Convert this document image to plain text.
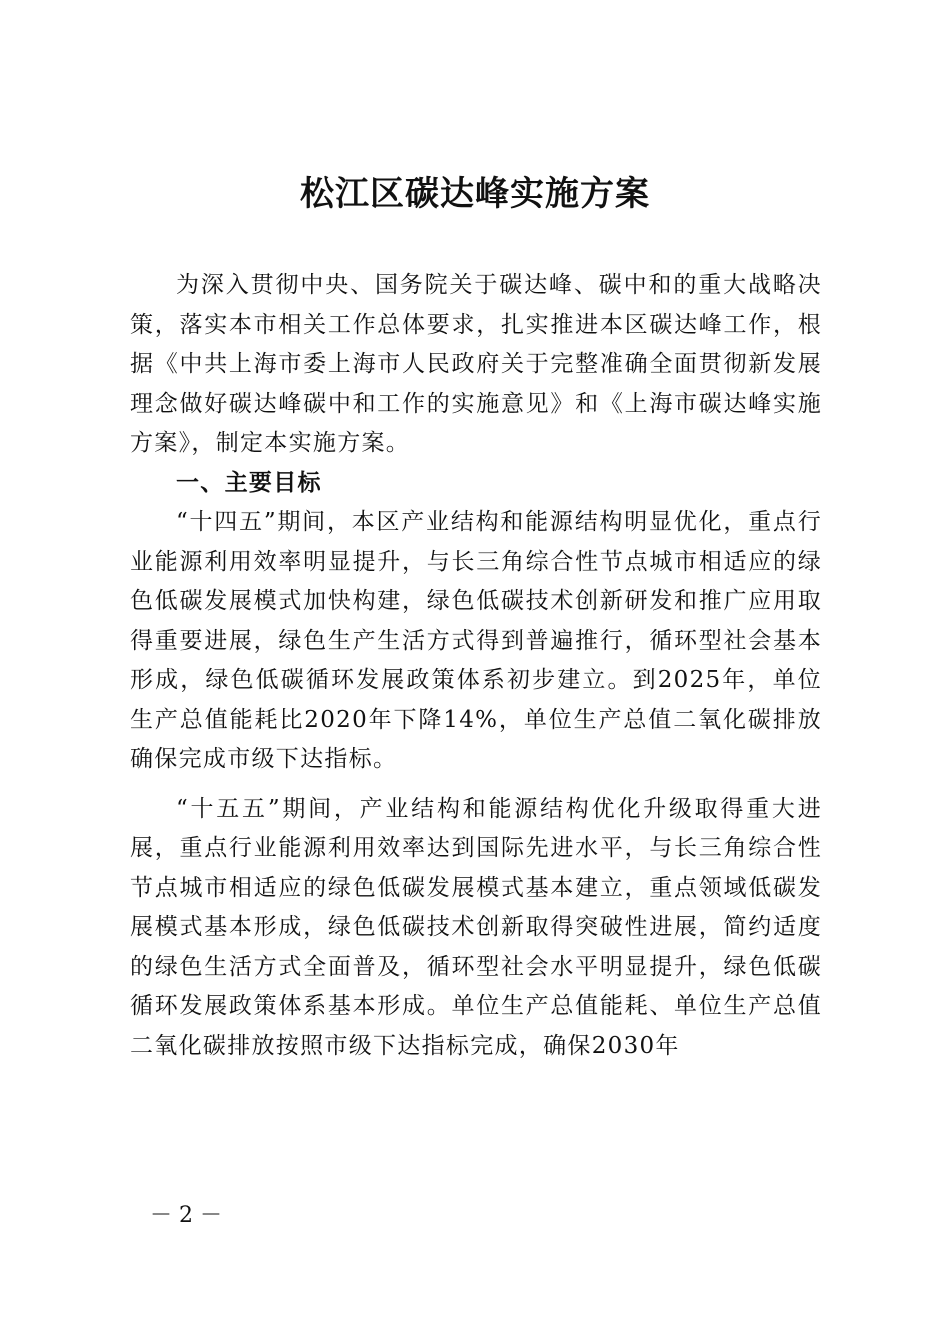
松江区碳达峰实施方案

为深入贯彻中央、国务院关于碳达峰、碳中和的重大战略决策，落实本市相关工作总体要求，扎实推进本区碳达峰工作，根据《中共上海市委上海市人民政府关于完整准确全面贯彻新发展理念做好碳达峰碳中和工作的实施意见》和《上海市碳达峰实施方案》，制定本实施方案。

一、主要目标

“十四五”期间，本区产业结构和能源结构明显优化，重点行业能源利用效率明显提升，与长三角综合性节点城市相适应的绿色低碳发展模式加快构建，绿色低碳技术创新研发和推广应用取得重要进展，绿色生产生活方式得到普遍推行，循环型社会基本形成，绿色低碳循环发展政策体系初步建立。到2025年，单位生产总值能耗比2020年下降14%，单位生产总值二氧化碳排放确保完成市级下达指标。

“十五五”期间，产业结构和能源结构优化升级取得重大进展，重点行业能源利用效率达到国际先进水平，与长三角综合性节点城市相适应的绿色低碳发展模式基本建立，重点领域低碳发展模式基本形成，绿色低碳技术创新取得突破性进展，简约适度的绿色生活方式全面普及，循环型社会水平明显提升，绿色低碳循环发展政策体系基本形成。单位生产总值能耗、单位生产总值二氧化碳排放按照市级下达指标完成，确保2030年

－ 2 －
